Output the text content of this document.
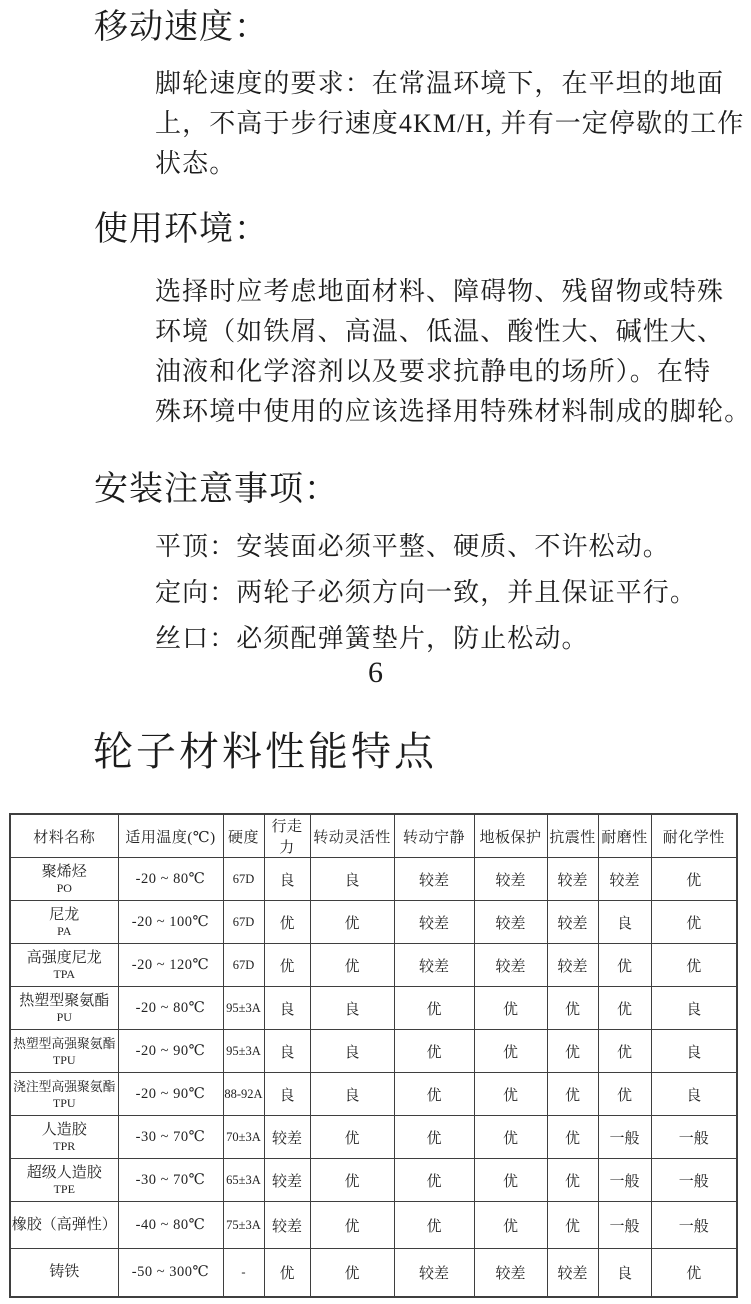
移动速度：
脚轮速度的要求：在常温环境下，在平坦的地面
上，不高于步行速度4KM/H, 并有一定停歇的工作
状态。
使用环境：
选择时应考虑地面材料、障碍物、残留物或特殊
环境（如铁屑、高温、低温、酸性大、碱性大、
油液和化学溶剂以及要求抗静电的场所）。在特
殊环境中使用的应该选择用特殊材料制成的脚轮。
安装注意事项：
平顶：安装面必须平整、硬质、不许松动。
定向：两轮子必须方向一致，并且保证平行。
丝口：必须配弹簧垫片，防止松动。
6
轮子材料性能特点
材料名称	适用温度(℃)	硬度	行走力	转动灵活性	转动宁静	地板保护	抗震性	耐磨性	耐化学性

聚烯烃
PO	-20 ~ 80℃	67D	良	良	较差	较差	较差	较差	优

尼龙
PA	-20 ~ 100℃	67D	优	优	较差	较差	较差	良	优

高强度尼龙
TPA	-20 ~ 120℃	67D	优	优	较差	较差	较差	优	优

热塑型聚氨酯
PU	-20 ~ 80℃	95±3A	良	良	优	优	优	优	良

热塑型高强聚氨酯
TPU	-20 ~ 90℃	95±3A	良	良	优	优	优	优	良

浇注型高强聚氨酯
TPU	-20 ~ 90℃	88-92A	良	良	优	优	优	优	良

人造胶
TPR	-30 ~ 70℃	70±3A	较差	优	优	优	优	一般	一般

超级人造胶
TPE	-30 ~ 70℃	65±3A	较差	优	优	优	优	一般	一般

橡胶（高弹性）	-40 ~ 80℃	75±3A	较差	优	优	优	优	一般	一般

铸铁	-50 ~ 300℃	-	优	优	较差	较差	较差	良	优
